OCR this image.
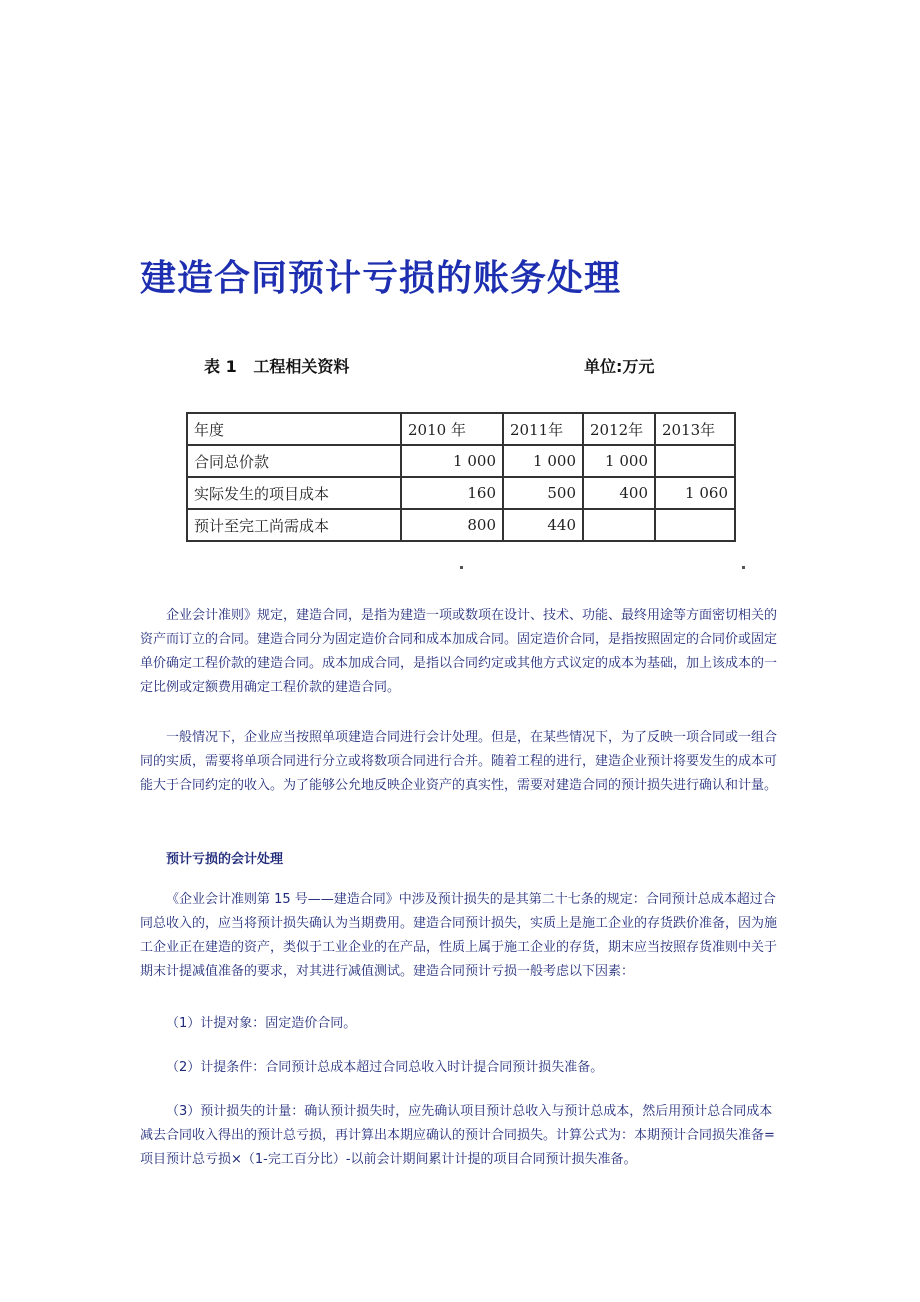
建造合同预计亏损的账务处理
表 1   工程相关资料	单位:万元
年度	2010 年	2011年	2012年	2013年
合同总价款	1 000	1 000	1 000	
实际发生的项目成本	160	500	400	1 060
预计至完工尚需成本	800	440		

企业会计准则》规定，建造合同，是指为建造一项或数项在设计、技术、功能、最终用途等方面密切相关的资产而订立的合同。建造合同分为固定造价合同和成本加成合同。固定造价合同，是指按照固定的合同价或固定单价确定工程价款的建造合同。成本加成合同，是指以合同约定或其他方式议定的成本为基础，加上该成本的一定比例或定额费用确定工程价款的建造合同。

一般情况下，企业应当按照单项建造合同进行会计处理。但是，在某些情况下，为了反映一项合同或一组合同的实质，需要将单项合同进行分立或将数项合同进行合并。随着工程的进行，建造企业预计将要发生的成本可能大于合同约定的收入。为了能够公允地反映企业资产的真实性，需要对建造合同的预计损失进行确认和计量。

预计亏损的会计处理

《企业会计准则第 15 号——建造合同》中涉及预计损失的是其第二十七条的规定：合同预计总成本超过合同总收入的，应当将预计损失确认为当期费用。建造合同预计损失，实质上是施工企业的存货跌价准备，因为施工企业正在建造的资产，类似于工业企业的在产品，性质上属于施工企业的存货，期末应当按照存货准则中关于期末计提减值准备的要求，对其进行减值测试。建造合同预计亏损一般考虑以下因素：

（1）计提对象：固定造价合同。

（2）计提条件：合同预计总成本超过合同总收入时计提合同预计损失准备。

（3）预计损失的计量：确认预计损失时，应先确认项目预计总收入与预计总成本，然后用预计总合同成本减去合同收入得出的预计总亏损，再计算出本期应确认的预计合同损失。计算公式为：本期预计合同损失准备=项目预计总亏损×（1-完工百分比）-以前会计期间累计计提的项目合同预计损失准备。
